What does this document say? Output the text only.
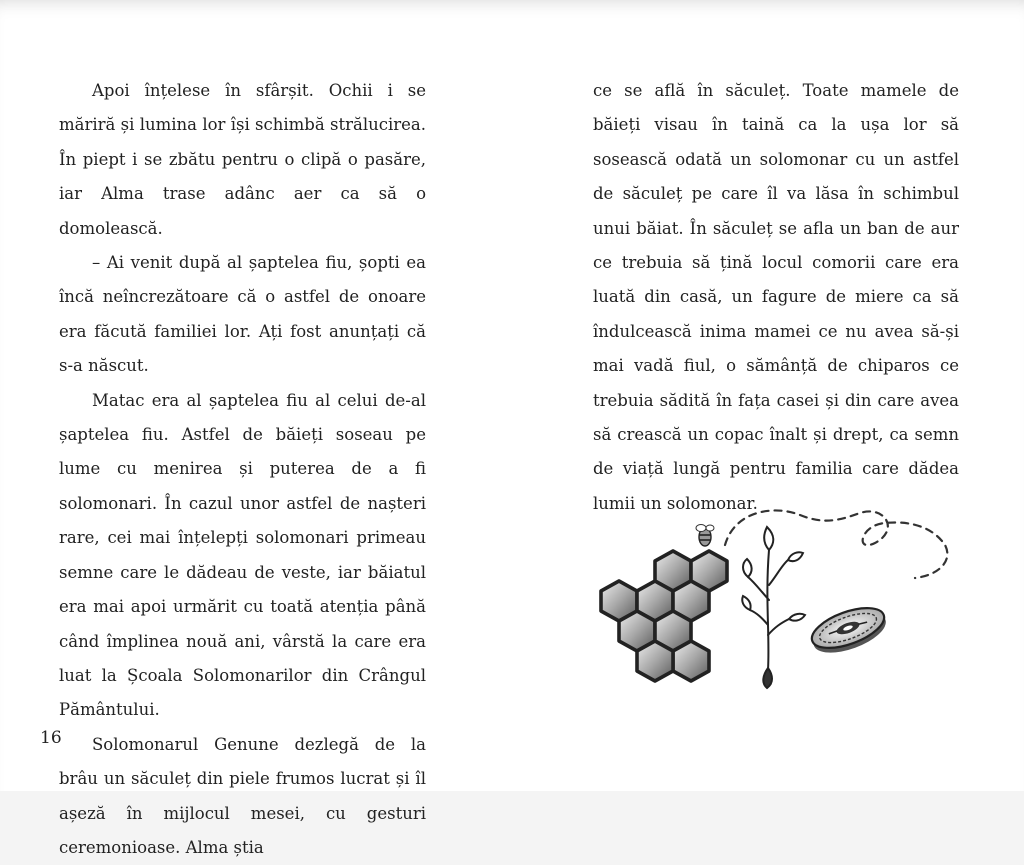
Apoi înțelese în sfârșit. Ochii i se măriră și lumina lor își schimbă strălucirea. În piept i se zbătu pentru o clipă o pasăre, iar Alma trase adânc aer ca să o domolească.

– Ai venit după al șaptelea fiu, șopti ea încă neîncrezătoare că o astfel de onoare era făcută familiei lor. Ați fost anunțați că s-a născut.

Matac era al șaptelea fiu al celui de-al șaptelea fiu. Astfel de băieți soseau pe lume cu menirea și puterea de a fi solomonari. În cazul unor astfel de nașteri rare, cei mai înțelepți solomonari primeau semne care le dădeau de veste, iar băiatul era mai apoi urmărit cu toată atenția până când împlinea nouă ani, vârstă la care era luat la Școala Solomonarilor din Crângul Pământului.

Solomonarul Genune dezlegă de la brâu un săculeț din piele frumos lucrat și îl așeză în mijlocul mesei, cu gesturi ceremonioase. Alma știa

16

ce se află în săculeț. Toate mamele de băieți visau în taină ca la ușa lor să sosească odată un solomonar cu un astfel de săculeț pe care îl va lăsa în schimbul unui băiat. În săculeț se afla un ban de aur ce trebuia să țină locul comorii care era luată din casă, un fagure de miere ca să îndulcească inima mamei ce nu avea să-și mai vadă fiul, o sămânță de chiparos ce trebuia sădită în fața casei și din care avea să crească un copac înalt și drept, ca semn de viață lungă pentru familia care dădea lumii un solomonar.
